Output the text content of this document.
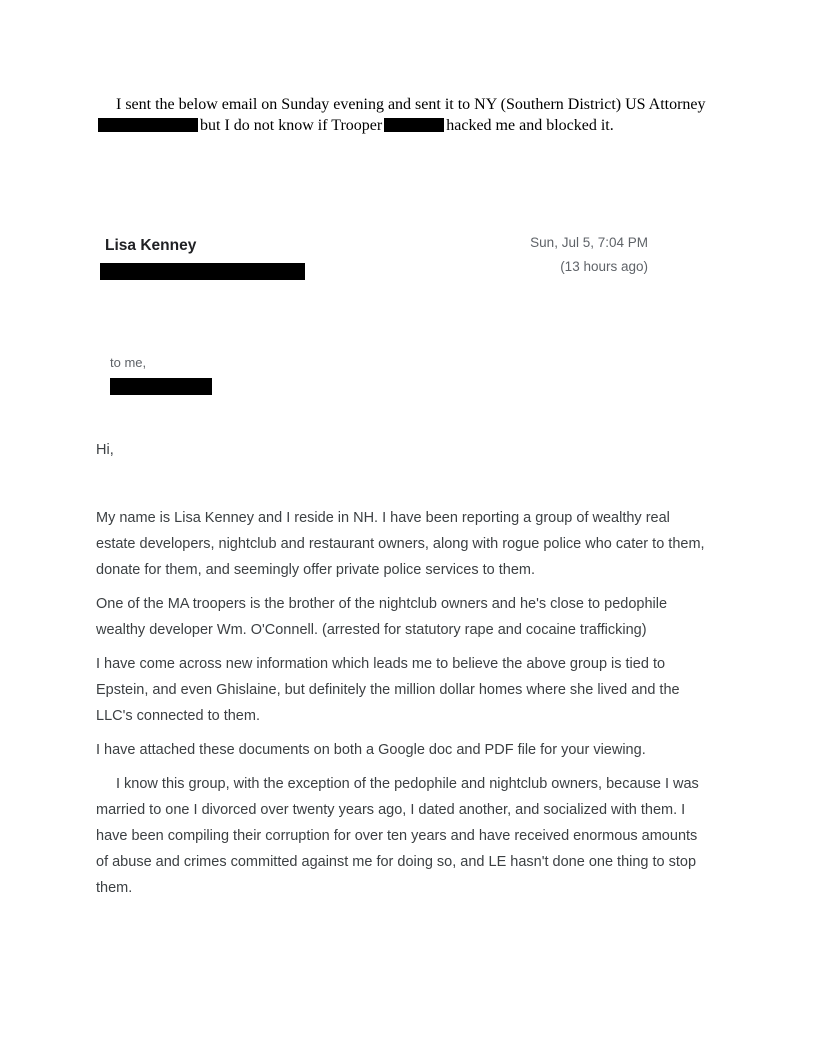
I sent the below email on Sunday evening and sent it to NY (Southern District) US Attorneybut I do not know if Trooper	hacked me and blocked it.

Lisa Kenney	Sun, Jul 5, 7:04 PM
(13 hours ago)
to me,

Hi,

My name is Lisa Kenney and I reside in NH. I have been reporting a group of wealthy real estate developers, nightclub and restaurant owners, along with rogue police who cater to them, donate for them, and seemingly offer private police services to them.

One of the MA troopers is the brother of the nightclub owners and he's close to pedophile wealthy developer Wm. O'Connell. (arrested for statutory rape and cocaine trafficking)

I have come across new information which leads me to believe the above group is tied to Epstein, and even Ghislaine, but definitely the million dollar homes where she lived and the LLC's connected to them.

I have attached these documents on both a Google doc and PDF file for your viewing.

I know this group, with the exception of the pedophile and nightclub owners, because I was married to one I divorced over twenty years ago, I dated another, and socialized with them. I have been compiling their corruption for over ten years and have received enormous amounts of abuse and crimes committed against me for doing so, and LE hasn't done one thing to stop them.
